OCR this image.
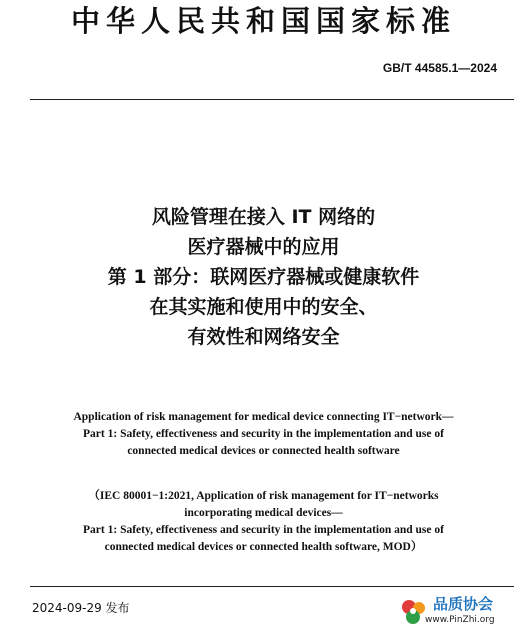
中华人民共和国国家标准
GB/T 44585.1—2024
风险管理在接入 IT 网络的
医疗器械中的应用
第 1 部分：联网医疗器械或健康软件
在其实施和使用中的安全、
有效性和网络安全
Application of risk management for medical device connecting IT−network—
Part 1: Safety, effectiveness and security in the implementation and use of
connected medical devices or connected health software
（IEC 80001−1:2021, Application of risk management for IT−networks
incorporating medical devices—
Part 1: Safety, effectiveness and security in the implementation and use of
connected medical devices or connected health software, MOD）
2024-09-29 发布	品质协会
www.PinZhi.org
